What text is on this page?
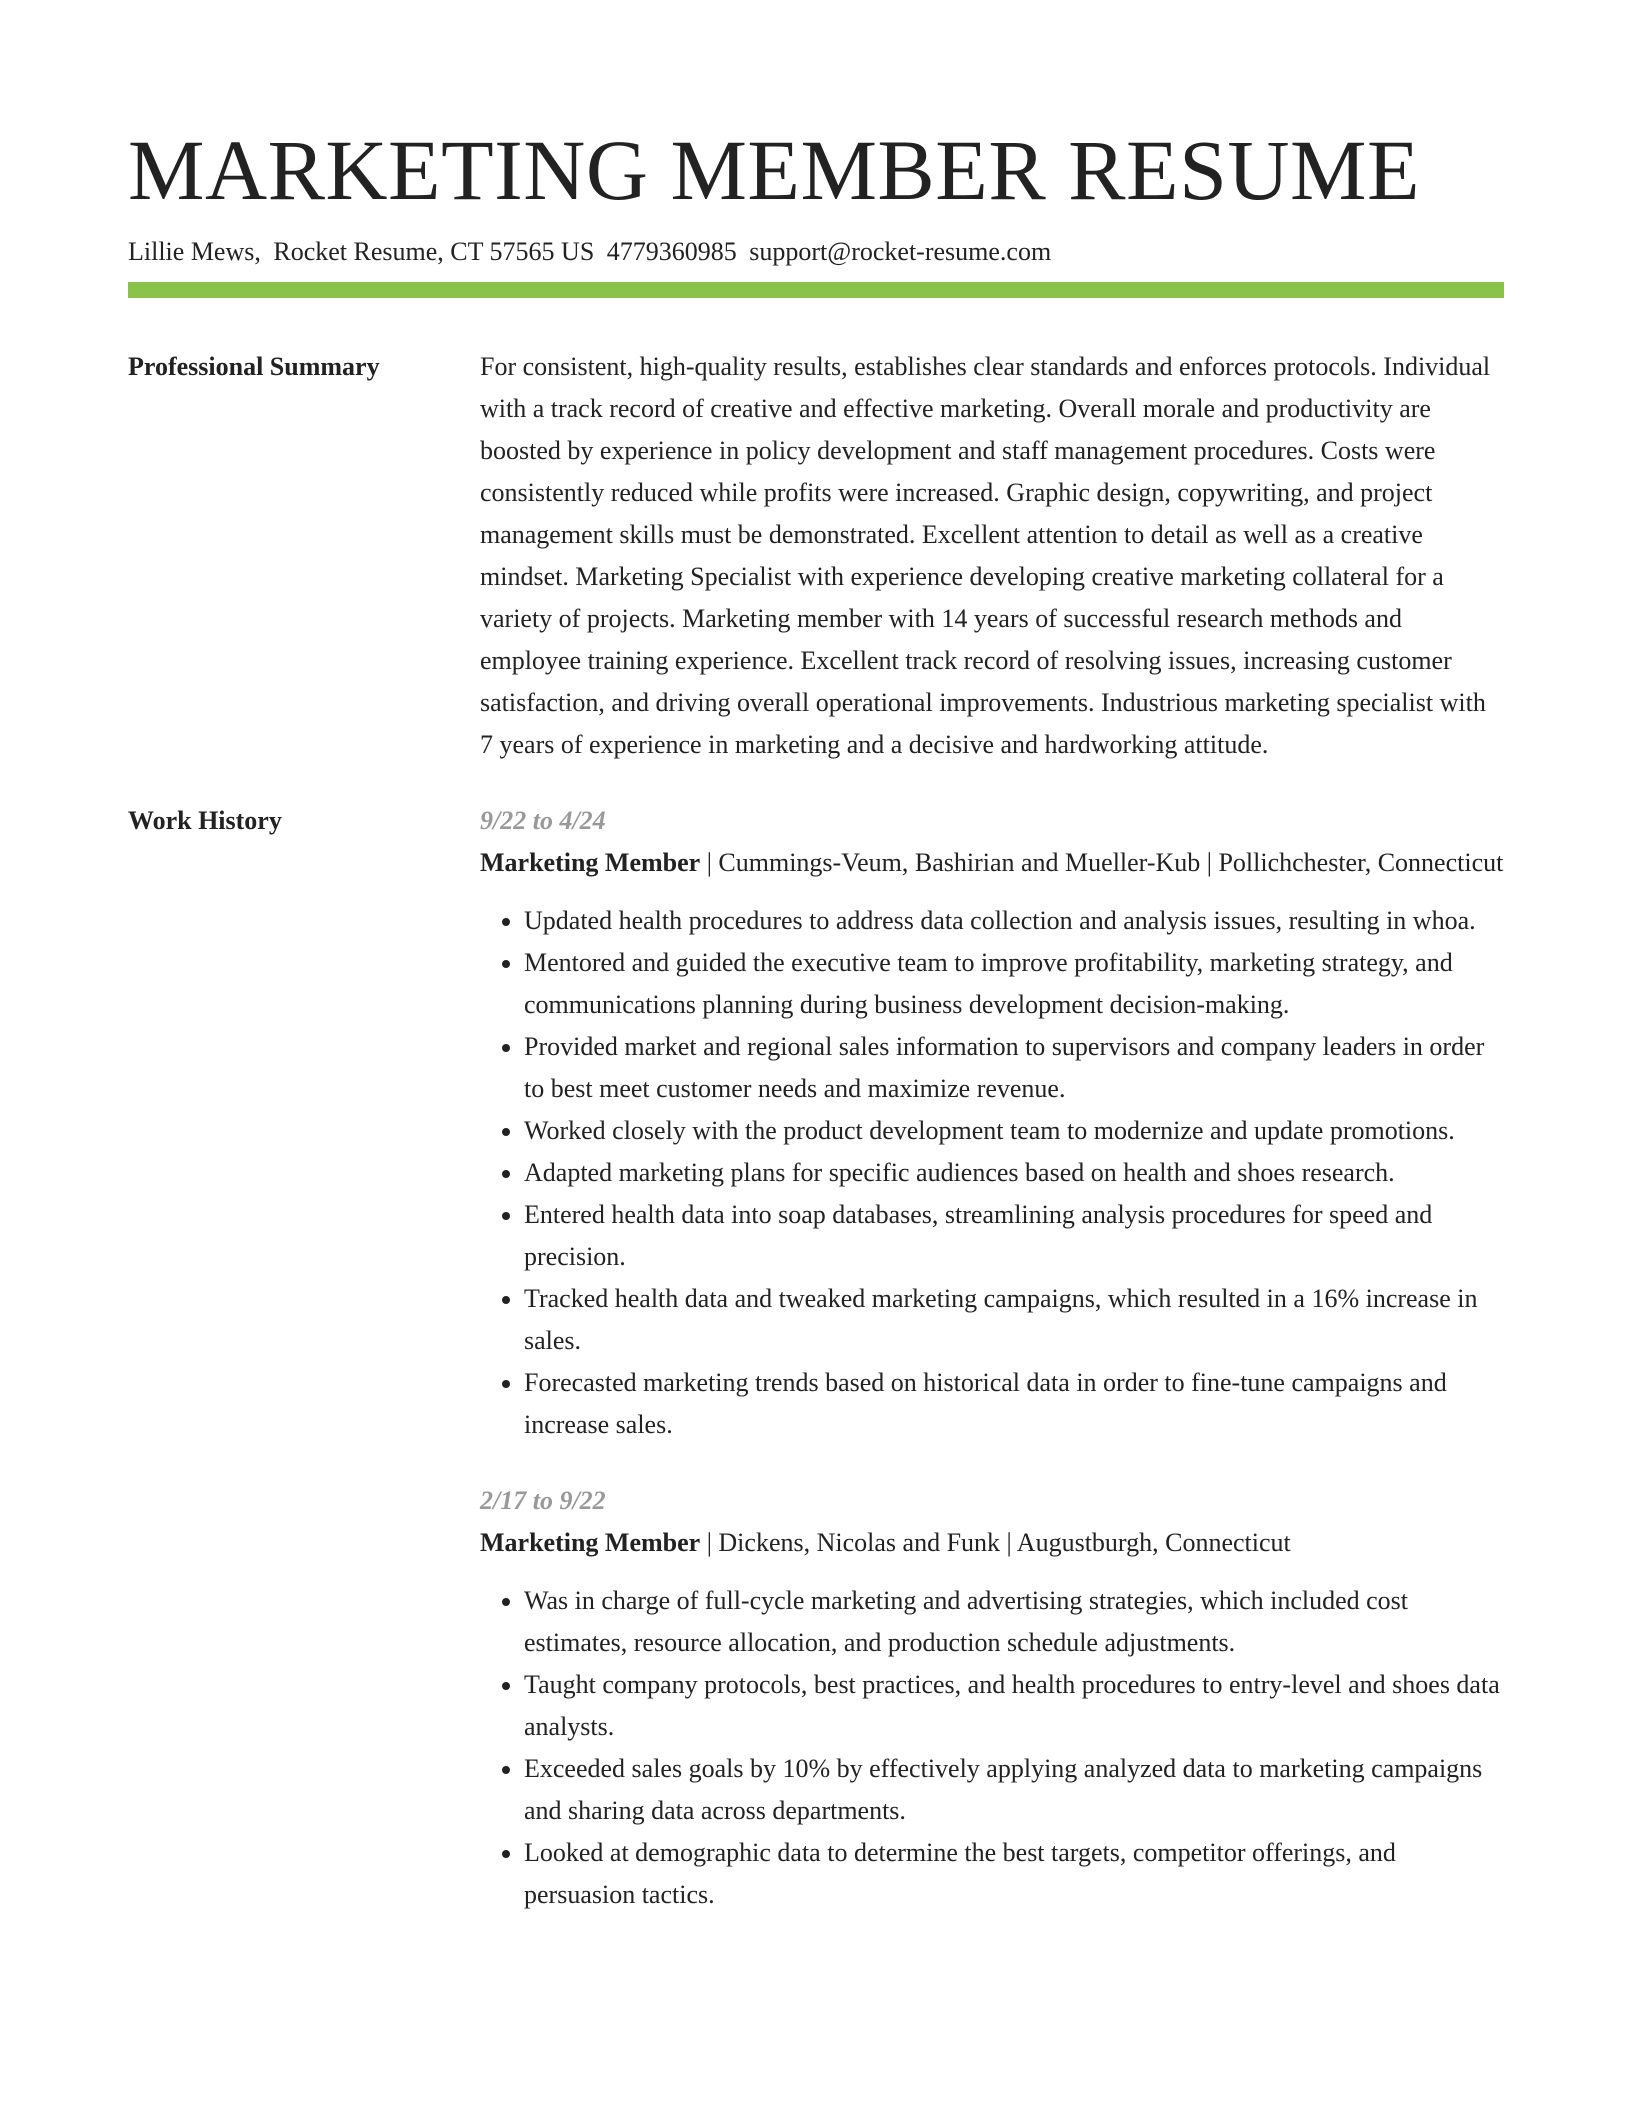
MARKETING MEMBER RESUME
Lillie Mews, Rocket Resume, CT 57565 US 4779360985 support@rocket-resume.com
Professional Summary	For consistent, high-quality results, establishes clear standards and enforces protocols. Individual with a track record of creative and effective marketing. Overall morale and productivity are boosted by experience in policy development and staff management procedures. Costs were consistently reduced while profits were increased. Graphic design, copywriting, and project management skills must be demonstrated. Excellent attention to detail as well as a creative mindset. Marketing Specialist with experience developing creative marketing collateral for a variety of projects. Marketing member with 14 years of successful research methods and employee training experience. Excellent track record of resolving issues, increasing customer satisfaction, and driving overall operational improvements. Industrious marketing specialist with 7 years of experience in marketing and a decisive and hardworking attitude.

Work History	9/22 to 4/24

Marketing Member | Cummings-Veum, Bashirian and Mueller-Kub | Pollichchester, Connecticut

• Updated health procedures to address data collection and analysis issues, resulting in whoa.
• Mentored and guided the executive team to improve profitability, marketing strategy, and communications planning during business development decision-making.
• Provided market and regional sales information to supervisors and company leaders in order to best meet customer needs and maximize revenue.
• Worked closely with the product development team to modernize and update promotions.
• Adapted marketing plans for specific audiences based on health and shoes research.
• Entered health data into soap databases, streamlining analysis procedures for speed and precision.
• Tracked health data and tweaked marketing campaigns, which resulted in a 16% increase in sales.
• Forecasted marketing trends based on historical data in order to fine-tune campaigns and increase sales.
2/17 to 9/22

Marketing Member | Dickens, Nicolas and Funk | Augustburgh, Connecticut

• Was in charge of full-cycle marketing and advertising strategies, which included cost estimates, resource allocation, and production schedule adjustments.
• Taught company protocols, best practices, and health procedures to entry-level and shoes data analysts.
• Exceeded sales goals by 10% by effectively applying analyzed data to marketing campaigns and sharing data across departments.
• Looked at demographic data to determine the best targets, competitor offerings, and persuasion tactics.
